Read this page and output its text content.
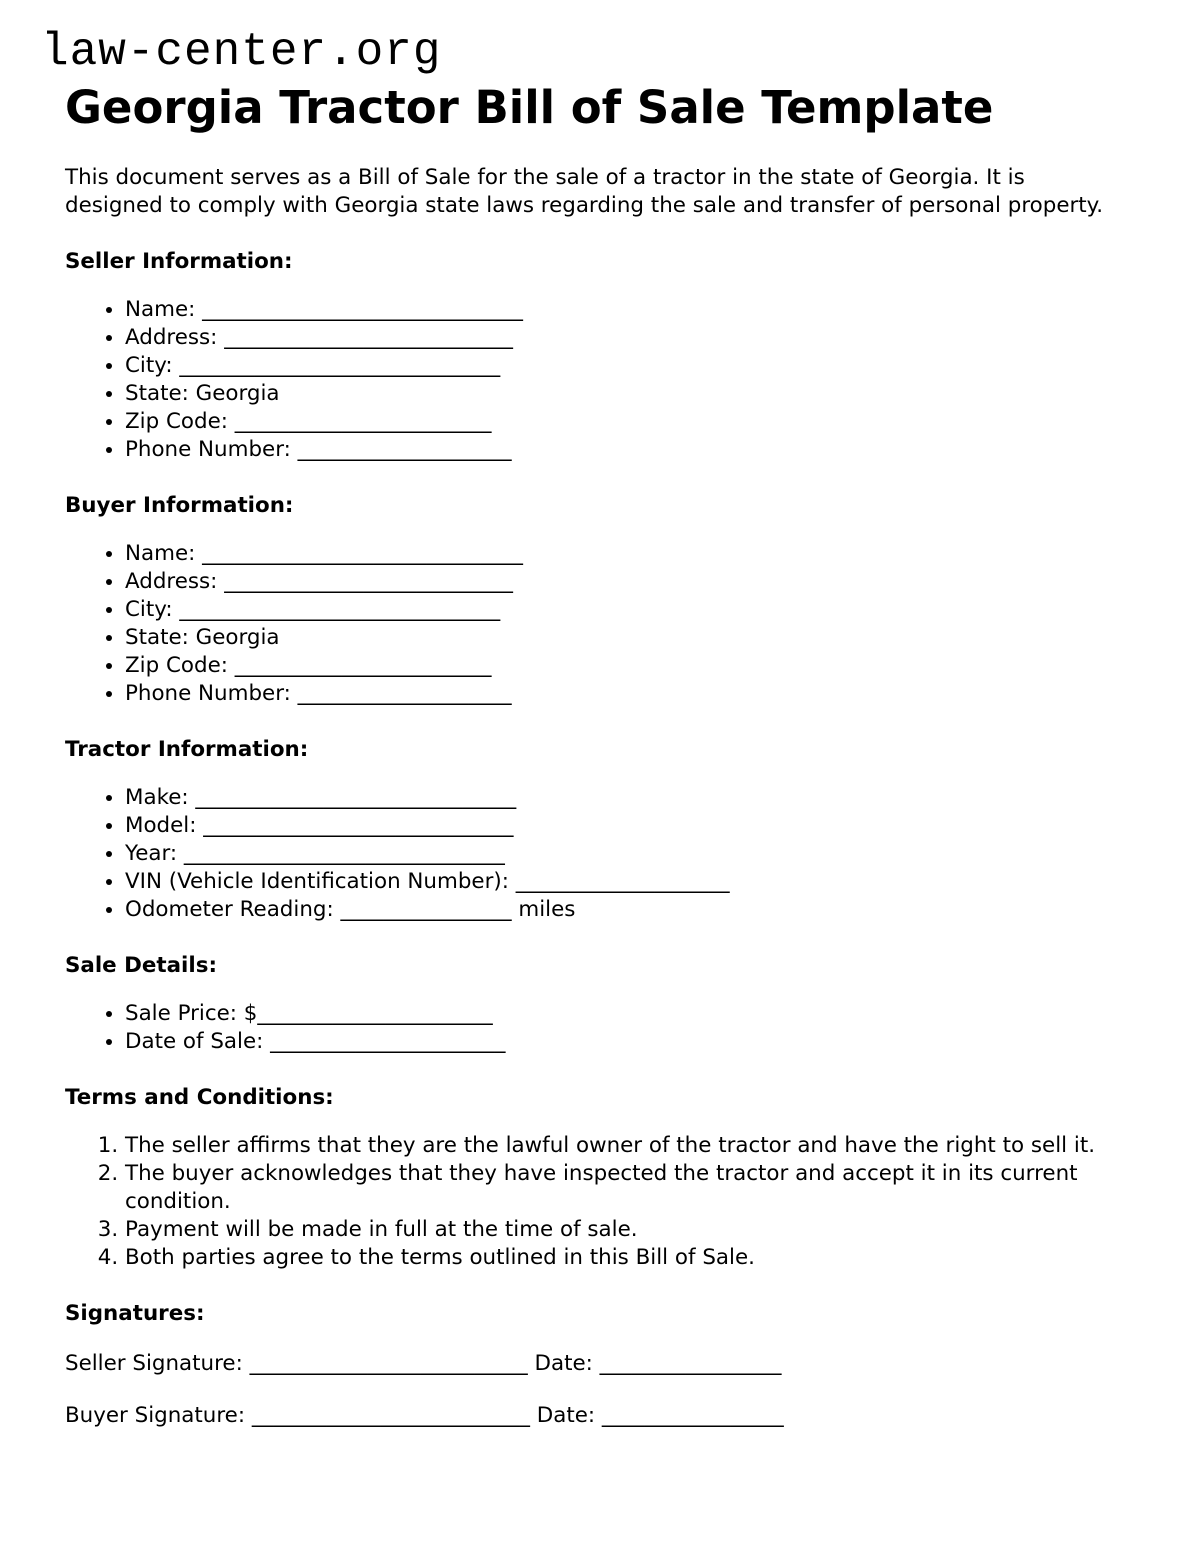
law-center.org
Georgia Tractor Bill of Sale Template

This document serves as a Bill of Sale for the sale of a tractor in the state of Georgia. It is designed to comply with Georgia state laws regarding the sale and transfer of personal property.

Seller Information:
• Name: ______________________________
• Address: ___________________________
• City: ______________________________
• State: Georgia
• Zip Code: ________________________
• Phone Number: ____________________
Buyer Information:
• Name: ______________________________
• Address: ___________________________
• City: ______________________________
• State: Georgia
• Zip Code: ________________________
• Phone Number: ____________________
Tractor Information:
• Make: ______________________________
• Model: _____________________________
• Year: ______________________________
• VIN (Vehicle Identification Number): ____________________
• Odometer Reading: ________________ miles
Sale Details:
• Sale Price: $______________________
• Date of Sale: ______________________
Terms and Conditions:
1. The seller affirms that they are the lawful owner of the tractor and have the right to sell it.
2. The buyer acknowledges that they have inspected the tractor and accept it in its current condition.
3. Payment will be made in full at the time of sale.
4. Both parties agree to the terms outlined in this Bill of Sale.
Signatures:
Seller Signature: __________________________ Date: _________________
Buyer Signature: __________________________ Date: _________________
